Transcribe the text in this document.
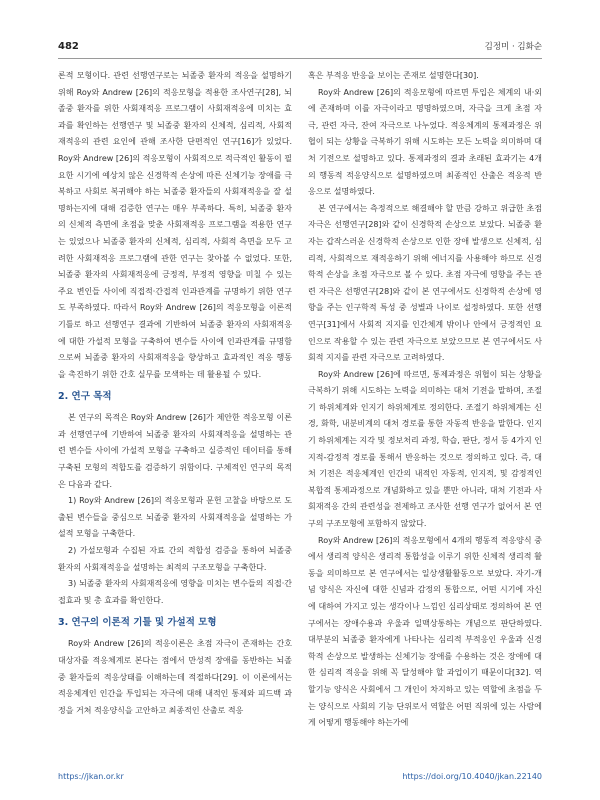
482	김정미 · 김화순

론적 모형이다. 관련 선행연구로는 뇌졸중 환자의 적응을 설명하기 위해 Roy와 Andrew [26]의 적응모형을 적용한 조사연구[28], 뇌졸중 환자를 위한 사회재적응 프로그램이 사회재적응에 미치는 효과를 확인하는 선행연구 및 뇌졸중 환자의 신체적, 심리적, 사회적 재적응의 관련 요인에 관해 조사한 단편적인 연구[16]가 있었다. Roy와 Andrew [26]의 적응모형이 사회적으로 적극적인 활동이 필요한 시기에 예상치 않은 신경학적 손상에 따른 신체기능 장애를 극복하고 사회로 복귀해야 하는 뇌졸중 환자들의 사회재적응을 잘 설명하는지에 대해 검증한 연구는 매우 부족하다. 특히, 뇌졸중 환자의 신체적 측면에 초점을 맞춘 사회재적응 프로그램을 적용한 연구는 있었으나 뇌졸중 환자의 신체적, 심리적, 사회적 측면을 모두 고려한 사회재적응 프로그램에 관한 연구는 찾아볼 수 없었다. 또한, 뇌졸중 환자의 사회재적응에 긍정적, 부정적 영향을 미칠 수 있는 주요 변인들 사이에 직접적·간접적 인과관계를 규명하기 위한 연구도 부족하였다. 따라서 Roy와 Andrew [26]의 적응모형을 이론적 기틀로 하고 선행연구 결과에 기반하여 뇌졸중 환자의 사회재적응에 대한 가설적 모형을 구축하여 변수들 사이에 인과관계를 규명함으로써 뇌졸중 환자의 사회재적응을 향상하고 효과적인 적응 행동을 촉진하기 위한 간호 실무를 모색하는 데 활용될 수 있다.

2. 연구 목적

본 연구의 목적은 Roy와 Andrew [26]가 제안한 적응모형 이론과 선행연구에 기반하여 뇌졸중 환자의 사회재적응을 설명하는 관련 변수들 사이에 가설적 모형을 구축하고 실증적인 데이터를 통해 구축된 모형의 적합도를 검증하기 위함이다. 구체적인 연구의 목적은 다음과 같다.

1) Roy와 Andrew [26]의 적응모형과 문헌 고찰을 바탕으로 도출된 변수들을 중심으로 뇌졸중 환자의 사회재적응을 설명하는 가설적 모형을 구축한다.

2) 가설모형과 수집된 자료 간의 적합성 검증을 통하여 뇌졸중 환자의 사회재적응을 설명하는 최적의 구조모형을 구축한다.

3) 뇌졸중 환자의 사회재적응에 영향을 미치는 변수들의 직접·간접효과 및 총 효과를 확인한다.

3. 연구의 이론적 기틀 및 가설적 모형

Roy와 Andrew [26]의 적응이론은 초점 자극이 존재하는 간호대상자를 적응체계로 본다는 점에서 만성적 장애를 동반하는 뇌졸중 환자들의 적응상태를 이해하는데 적절하다[29]. 이 이론에서는 적응체계인 인간을 투입되는 자극에 대해 내적인 통제와 피드백 과정을 거쳐 적응양식을 고안하고 최종적인 산출로 적응

혹은 부적응 반응을 보이는 존재로 설명한다[30].

Roy와 Andrew [26]의 적응모형에 따르면 투입은 체계의 내·외에 존재하며 이를 자극이라고 명명하였으며, 자극을 크게 초점 자극, 관련 자극, 잔여 자극으로 나누었다. 적응체계의 통제과정은 위협이 되는 상황을 극복하기 위해 시도하는 모든 노력을 의미하며 대처 기전으로 설명하고 있다. 통제과정의 결과 초래된 효과기는 4개의 행동적 적응양식으로 설명하였으며 최종적인 산출은 적응적 반응으로 설명하였다.

본 연구에서는 측정적으로 해결해야 할 만큼 강하고 위급한 초점 자극은 선행연구[28]와 같이 신경학적 손상으로 보았다. 뇌졸중 환자는 갑작스러운 신경학적 손상으로 인한 장애 발생으로 신체적, 심리적, 사회적으로 재적응하기 위해 에너지를 사용해야 하므로 신경학적 손상을 초점 자극으로 볼 수 있다. 초점 자극에 영향을 주는 관련 자극은 선행연구[28]와 같이 본 연구에서도 신경학적 손상에 영향을 주는 인구학적 특성 중 성별과 나이로 설정하였다. 또한 선행연구[31]에서 사회적 지지를 인간체계 밖이나 안에서 긍정적인 요인으로 작용할 수 있는 관련 자극으로 보았으므로 본 연구에서도 사회적 지지를 관련 자극으로 고려하였다.

Roy와 Andrew [26]에 따르면, 통제과정은 위협이 되는 상황을 극복하기 위해 시도하는 노력을 의미하는 대처 기전을 말하며, 조절기 하위체계와 인지기 하위체계로 정의한다. 조절기 하위체계는 신경, 화학, 내분비계의 대처 경로를 통한 자동적 반응을 말한다. 인지기 하위체계는 지각 및 정보처리 과정, 학습, 판단, 정서 등 4가지 인지적-감정적 경로를 통해서 반응하는 것으로 정의하고 있다. 즉, 대처 기전은 적응체계인 인간의 내적인 자동적, 인지적, 및 감정적인 복합적 통제과정으로 개념화하고 있을 뿐만 아니라, 대처 기전과 사회재적응 간의 관련성을 전제하고 조사한 선행 연구가 없어서 본 연구의 구조모형에 포함하지 않았다.

Roy와 Andrew [26]의 적응모형에서 4개의 행동적 적응양식 중에서 생리적 양식은 생리적 통합성을 이루기 위한 신체적 생리적 활동을 의미하므로 본 연구에서는 일상생활활동으로 보았다. 자기-개념 양식은 자신에 대한 신념과 감정의 통합으로, 어떤 시기에 자신에 대하여 가지고 있는 생각이나 느낌인 심리상태로 정의하여 본 연구에서는 장애수용과 우울과 일맥상통하는 개념으로 판단하였다. 대부분의 뇌졸중 환자에게 나타나는 심리적 부적응인 우울과 신경학적 손상으로 발생하는 신체기능 장애를 수용하는 것은 장애에 대한 심리적 적응을 위해 꼭 달성해야 할 과업이기 때문이다[32]. 역할기능 양식은 사회에서 그 개인이 차지하고 있는 역할에 초점을 두는 양식으로 사회의 기능 단위로서 역할은 어떤 직위에 있는 사람에게 어떻게 행동해야 하는가에

https://jkan.or.kr	https://doi.org/10.4040/jkan.22140
